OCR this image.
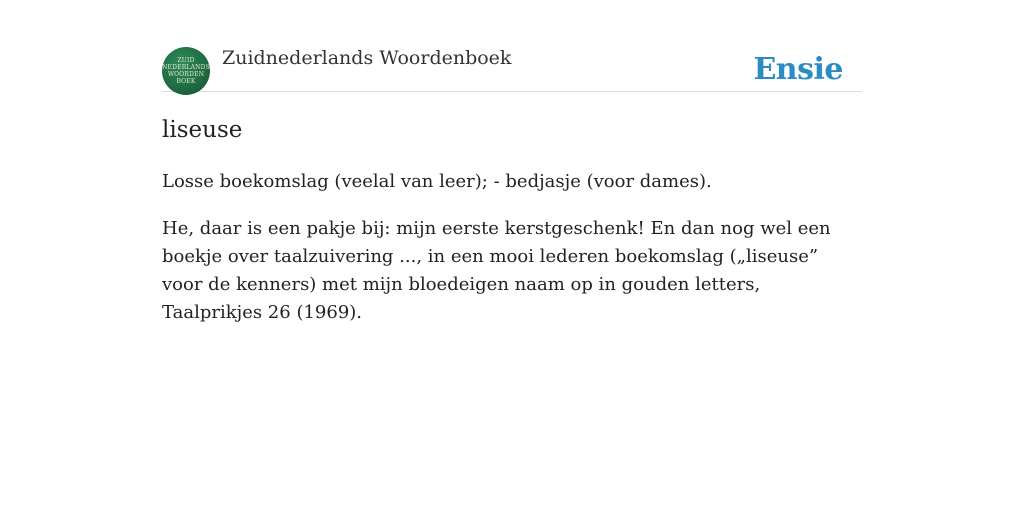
ZUID
NEDERLANDS
WOORDEN
BOEK
Zuidnederlands Woordenboek	Ensie
liseuse

Losse boekomslag (veelal van leer); - bedjasje (voor dames).

He, daar is een pakje bij: mijn eerste kerstgeschenk! En dan nog wel een boekje over taalzuivering ..., in een mooi lederen boekomslag („liseuse” voor de kenners) met mijn bloedeigen naam op in gouden letters, Taalprikjes 26 (1969).
